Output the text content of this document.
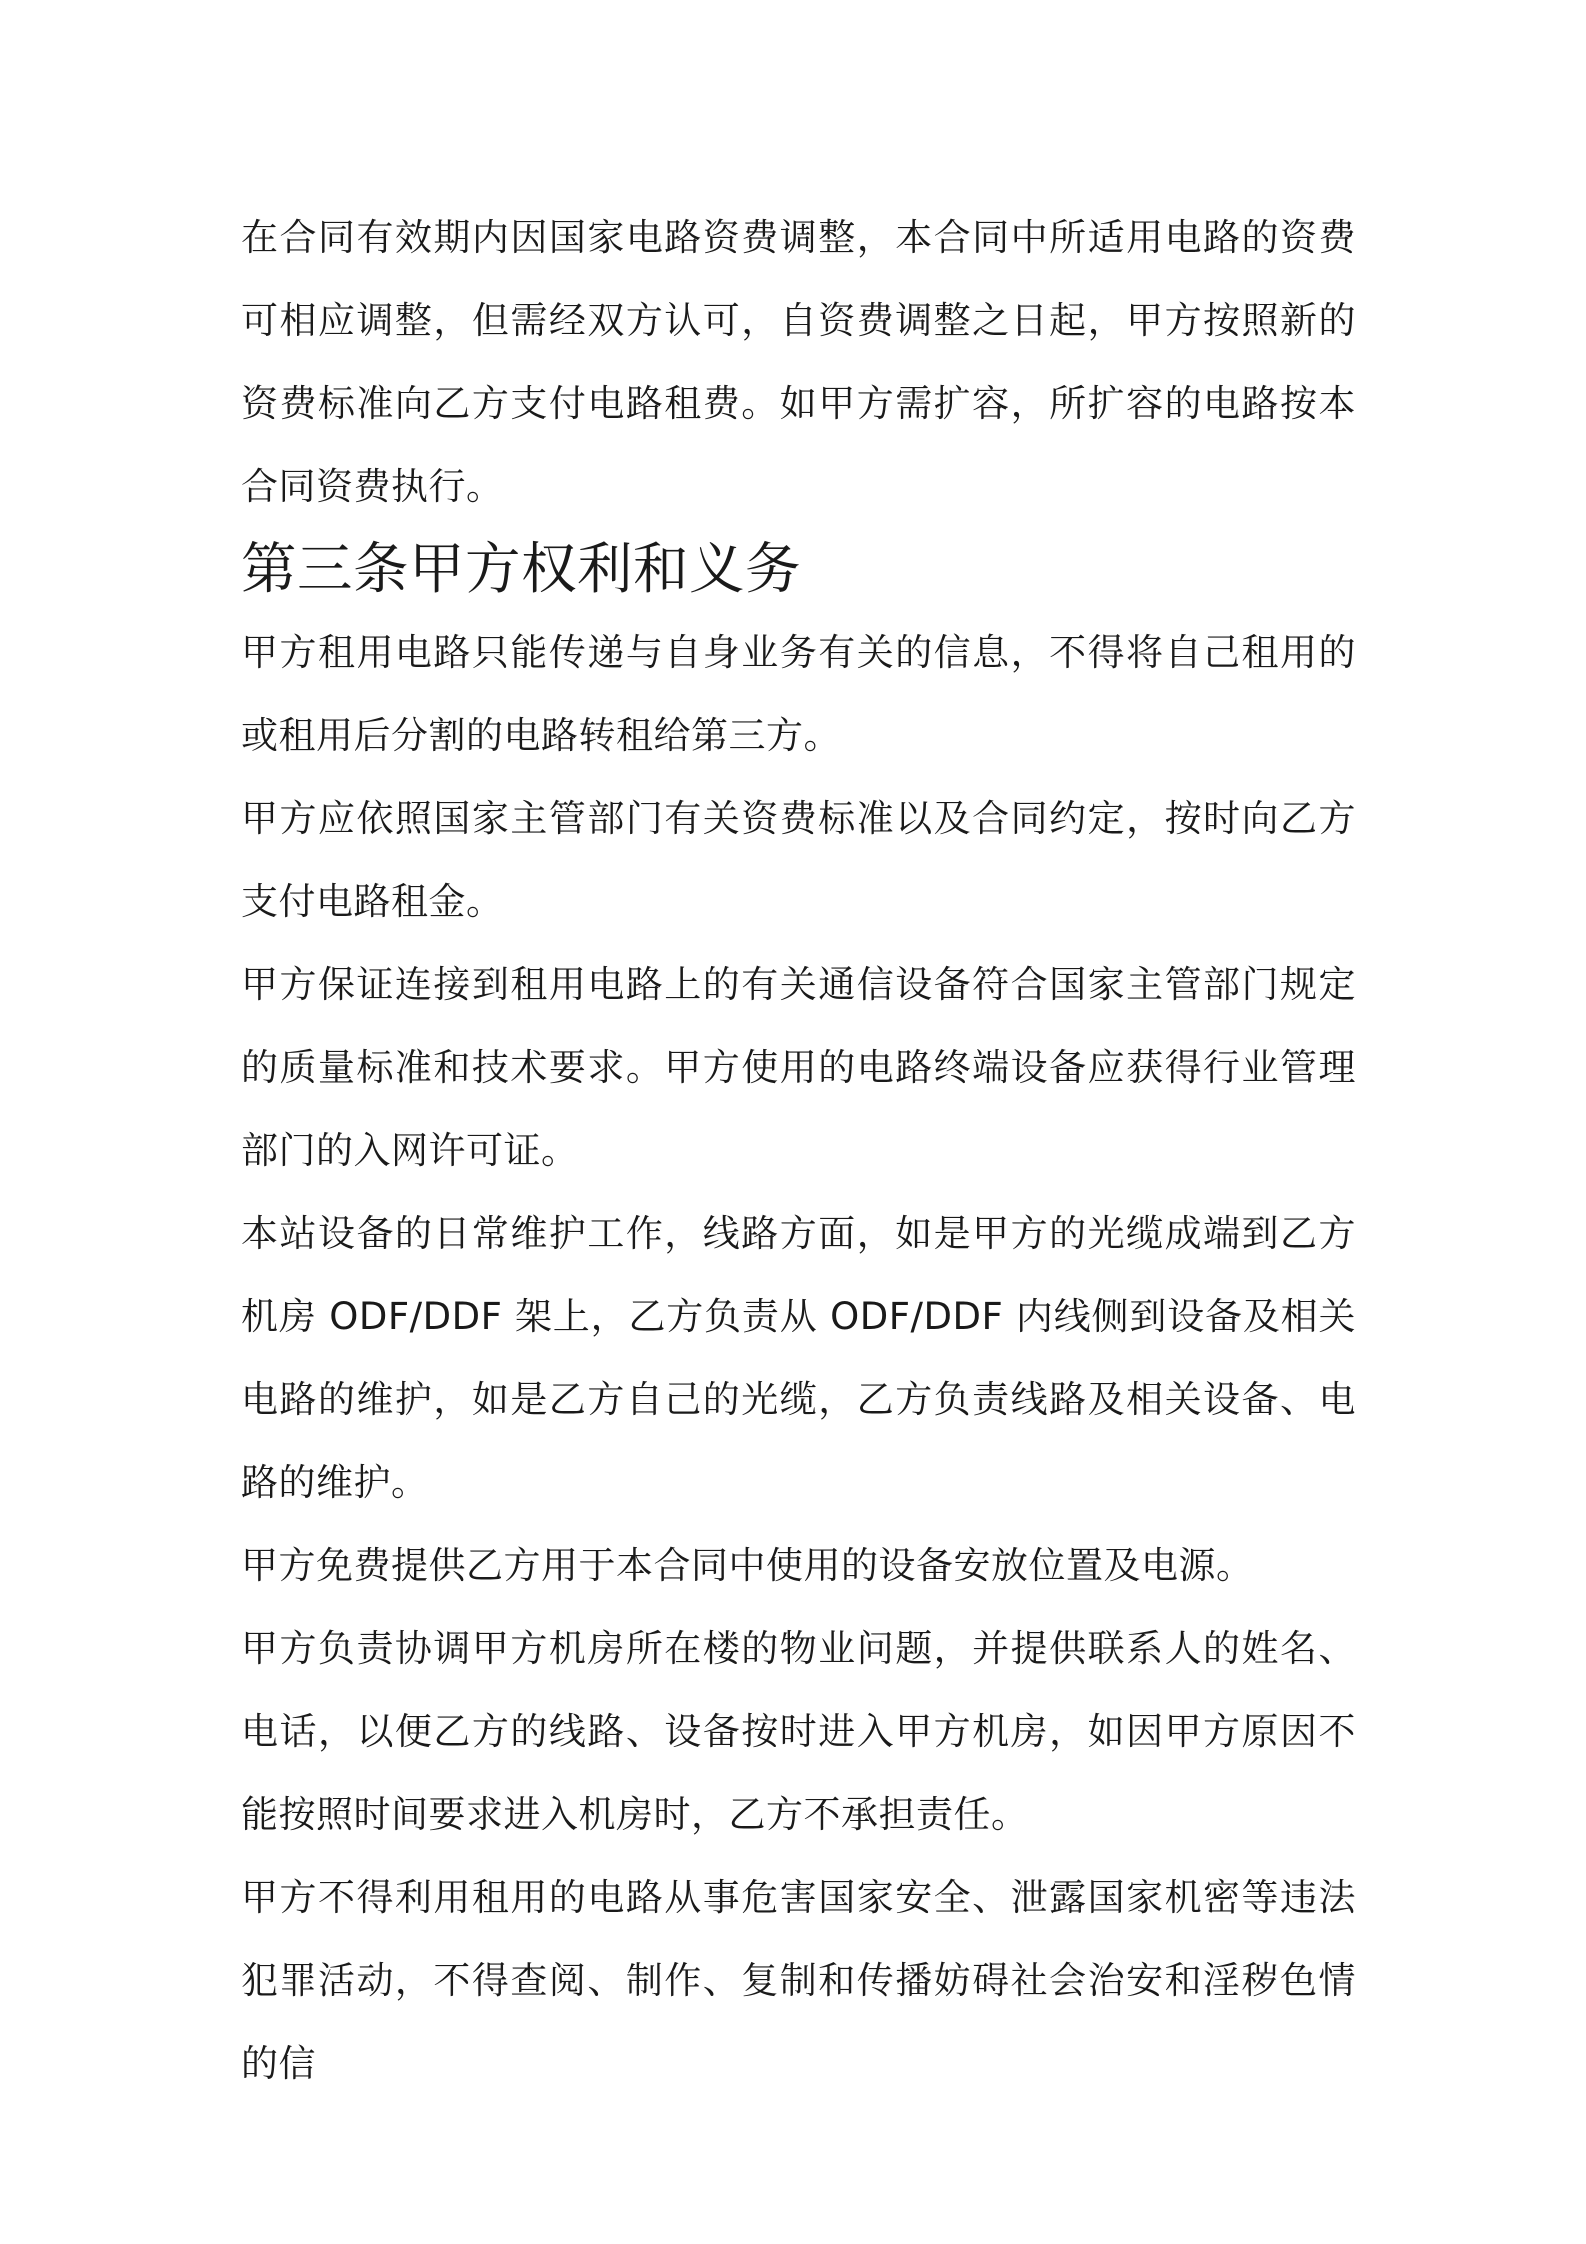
在合同有效期内因国家电路资费调整，本合同中所适用电路的资费可相应调整，但需经双方认可，自资费调整之日起，甲方按照新的资费标准向乙方支付电路租费。如甲方需扩容，所扩容的电路按本合同资费执行。

第三条甲方权利和义务

甲方租用电路只能传递与自身业务有关的信息，不得将自己租用的或租用后分割的电路转租给第三方。

甲方应依照国家主管部门有关资费标准以及合同约定，按时向乙方支付电路租金。

甲方保证连接到租用电路上的有关通信设备符合国家主管部门规定的质量标准和技术要求。甲方使用的电路终端设备应获得行业管理部门的入网许可证。

本站设备的日常维护工作，线路方面，如是甲方的光缆成端到乙方机房 ODF/DDF 架上，乙方负责从 ODF/DDF 内线侧到设备及相关电路的维护，如是乙方自己的光缆，乙方负责线路及相关设备、电路的维护。

甲方免费提供乙方用于本合同中使用的设备安放位置及电源。

甲方负责协调甲方机房所在楼的物业问题，并提供联系人的姓名、电话，以便乙方的线路、设备按时进入甲方机房，如因甲方原因不能按照时间要求进入机房时，乙方不承担责任。

甲方不得利用租用的电路从事危害国家安全、泄露国家机密等违法犯罪活动，不得查阅、制作、复制和传播妨碍社会治安和淫秽色情的信
